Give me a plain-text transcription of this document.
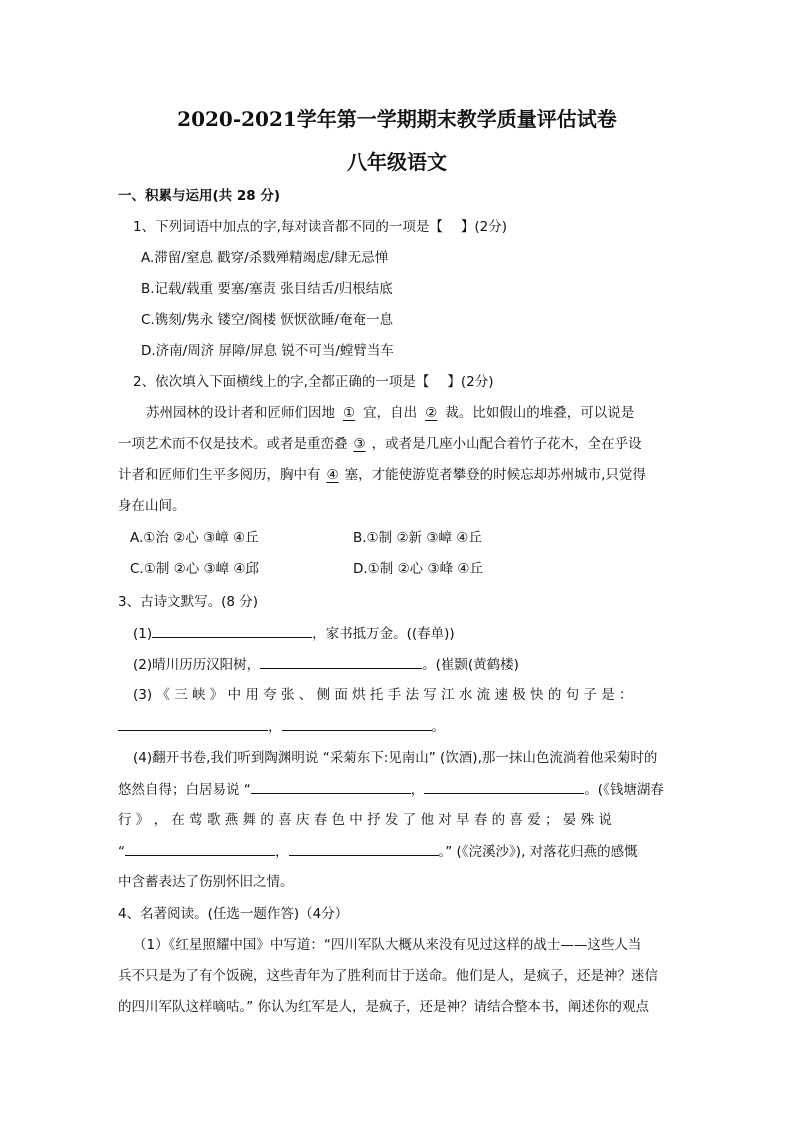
2020-2021学年第一学期期末教学质量评估试卷
八年级语文
一、积累与运用(共 28 分)
1、下列词语中加点的字,每对读音都不同的一项是【 】(2分)
A.滞留/窒息 戳穿/杀戮殚精竭虑/肆无忌惮
B.记载/载重 要塞/塞责 张目结舌/归根结底
C.镌刻/隽永 镂空/阁楼 恹恹欲睡/奄奄一息
D.济南/周济 屏障/屏息 锐不可当/螳臂当车
2、依次填入下面横线上的字,全都正确的一项是【 】(2分)
苏州园林的设计者和匠师们因地 ① 宜，自出 ② 裁。比如假山的堆叠，可以说是
一项艺术而不仅是技术。或者是重峦叠 ③ ，或者是几座小山配合着竹子花木，全在乎设
计者和匠师们生平多阅历，胸中有 ④ 塞，才能使游览者攀登的时候忘却苏州城市,只觉得
身在山间。
A.①治 ②心 ③嶂 ④丘	B.①制 ②新 ③嶂 ④丘
C.①制 ②心 ③嶂 ④邱	D.①制 ②心 ③峰 ④丘
3、古诗文默写。(8 分)
(1)	，家书抵万金。((春单))
(2)晴川历历汉阳树，	。(崔颢(黄鹤楼)
(3) 《 三 峡 》 中 用 夸 张 、 侧 面 烘 托 手 法 写 江 水 流 速 极 快 的 句 子 是 ：
，	。
(4)翻开书卷,我们听到陶渊明说 “采菊东下:见南山” (饮酒),那一抹山色流淌着他采菊时的
悠然自得；白居易说 “	，	。(《钱塘湖春
行 》 ， 在 莺 歌 燕 舞 的 喜 庆 春 色 中 抒 发 了 他 对 早 春 的 喜 爱 ； 晏 殊 说
“	，	。” (《浣溪沙》), 对落花归燕的感慨
中含蓄表达了伤别怀旧之情。
4、名著阅读。(任选一题作答)（4分）
（1）《红星照耀中国》中写道：“四川军队大概从来没有见过这样的战士——这些人当
兵不只是为了有个饭碗，这些青年为了胜利而甘于送命。他们是人，是疯子，还是神？迷信
的四川军队这样嘀咕。” 你认为红军是人，是疯子，还是神？请结合整本书，阐述你的观点
